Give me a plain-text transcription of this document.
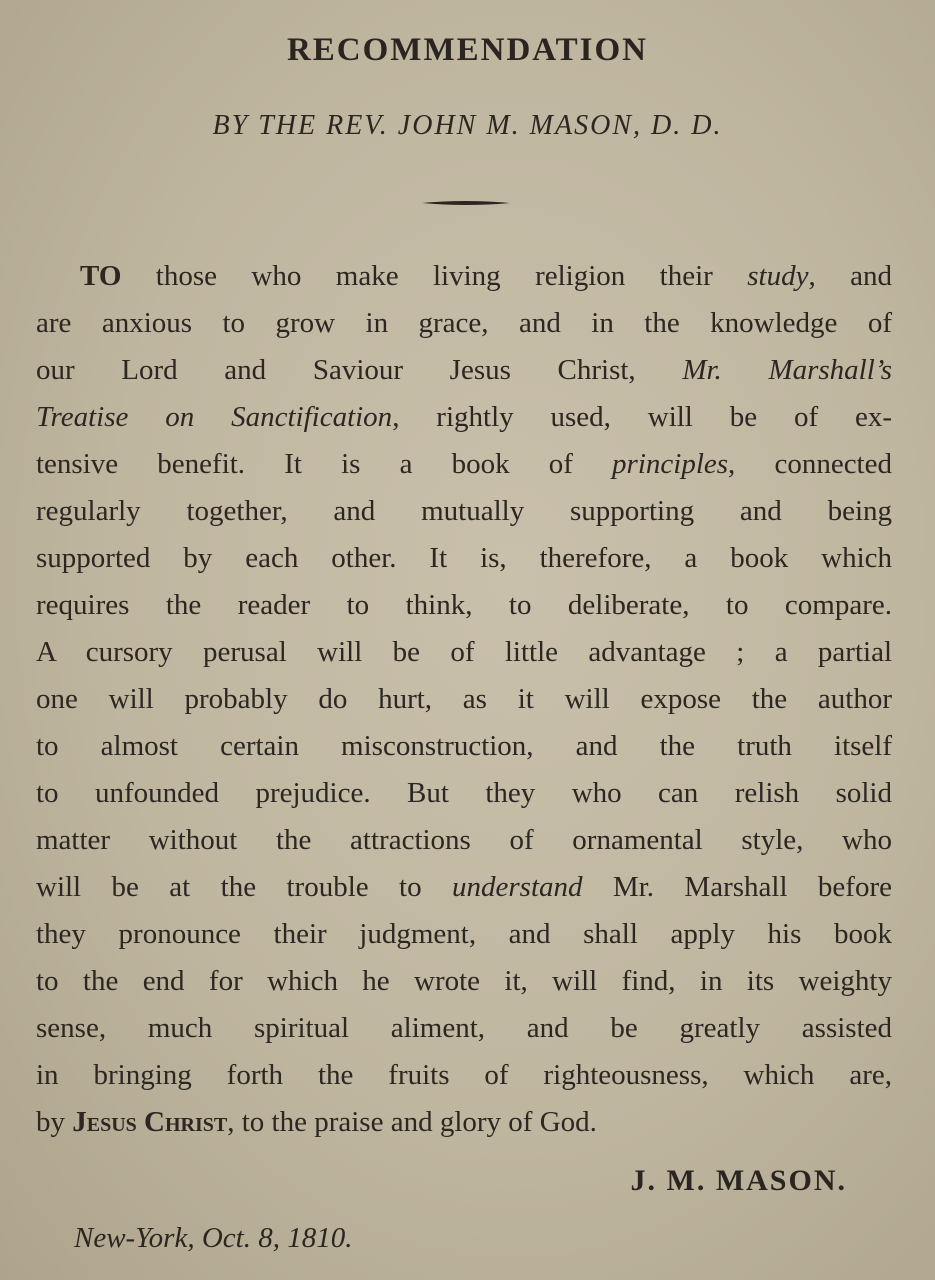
RECOMMENDATION
BY THE REV. JOHN M. MASON, D. D.
TO those who make living religion their study, and
are anxious to grow in grace, and in the knowledge of
our Lord and Saviour Jesus Christ, Mr. Marshall’s
Treatise on Sanctification, rightly used, will be of ex-
tensive benefit. It is a book of principles, connected
regularly together, and mutually supporting and being
supported by each other. It is, therefore, a book which
requires the reader to think, to deliberate, to compare.
A cursory perusal will be of little advantage ; a partial
one will probably do hurt, as it will expose the author
to almost certain misconstruction, and the truth itself
to unfounded prejudice. But they who can relish solid
matter without the attractions of ornamental style, who
will be at the trouble to understand Mr. Marshall before
they pronounce their judgment, and shall apply his book
to the end for which he wrote it, will find, in its weighty
sense, much spiritual aliment, and be greatly assisted
in bringing forth the fruits of righteousness, which are,
by Jesus Christ, to the praise and glory of God.
J. M. MASON.
New-York, Oct. 8, 1810.
